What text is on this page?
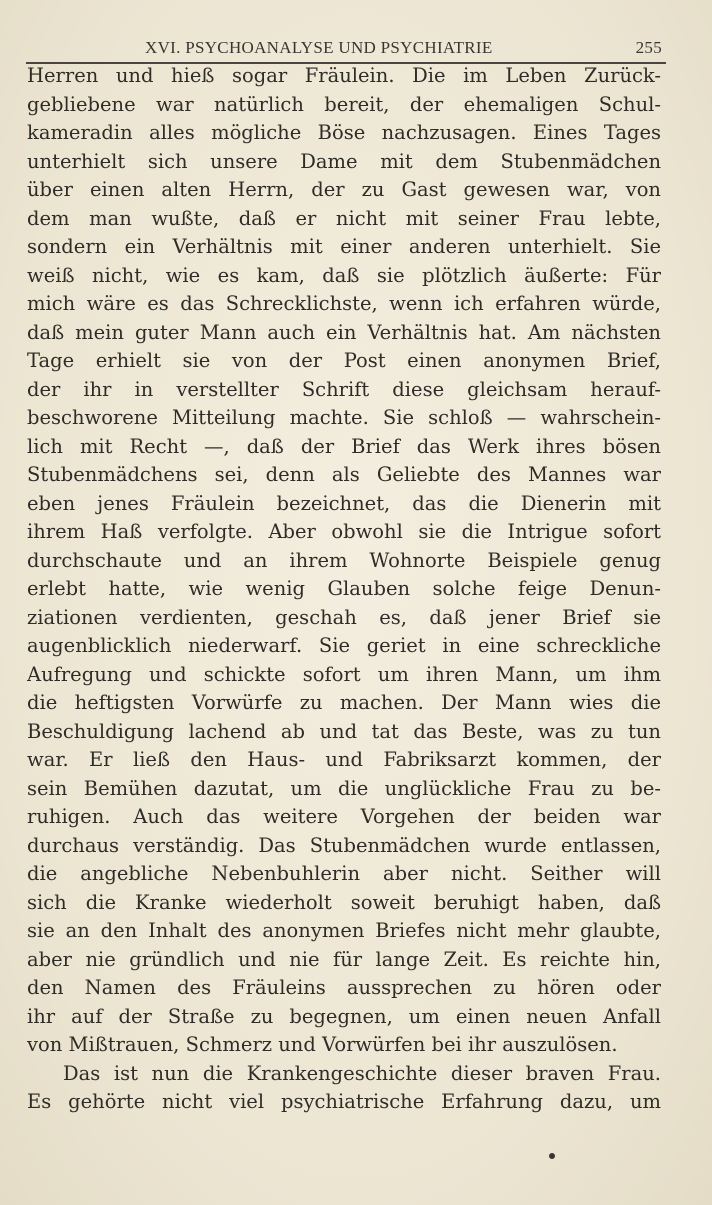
XVI. PSYCHOANALYSE UND PSYCHIATRIE	255
Herren und hieß sogar Fräulein. Die im Leben Zurück-
gebliebene war natürlich bereit, der ehemaligen Schul-
kameradin alles mögliche Böse nachzusagen. Eines Tages
unterhielt sich unsere Dame mit dem Stubenmädchen
über einen alten Herrn, der zu Gast gewesen war, von
dem man wußte, daß er nicht mit seiner Frau lebte,
sondern ein Verhältnis mit einer anderen unterhielt. Sie
weiß nicht, wie es kam, daß sie plötzlich äußerte: Für
mich wäre es das Schrecklichste, wenn ich erfahren würde,
daß mein guter Mann auch ein Verhältnis hat. Am nächsten
Tage erhielt sie von der Post einen anonymen Brief,
der ihr in verstellter Schrift diese gleichsam herauf-
beschworene Mitteilung machte. Sie schloß — wahrschein-
lich mit Recht —, daß der Brief das Werk ihres bösen
Stubenmädchens sei, denn als Geliebte des Mannes war
eben jenes Fräulein bezeichnet, das die Dienerin mit
ihrem Haß verfolgte. Aber obwohl sie die Intrigue sofort
durchschaute und an ihrem Wohnorte Beispiele genug
erlebt hatte, wie wenig Glauben solche feige Denun-
ziationen verdienten, geschah es, daß jener Brief sie
augenblicklich niederwarf. Sie geriet in eine schreckliche
Aufregung und schickte sofort um ihren Mann, um ihm
die heftigsten Vorwürfe zu machen. Der Mann wies die
Beschuldigung lachend ab und tat das Beste, was zu tun
war. Er ließ den Haus- und Fabriksarzt kommen, der
sein Bemühen dazutat, um die unglückliche Frau zu be-
ruhigen. Auch das weitere Vorgehen der beiden war
durchaus verständig. Das Stubenmädchen wurde entlassen,
die angebliche Nebenbuhlerin aber nicht. Seither will
sich die Kranke wiederholt soweit beruhigt haben, daß
sie an den Inhalt des anonymen Briefes nicht mehr glaubte,
aber nie gründlich und nie für lange Zeit. Es reichte hin,
den Namen des Fräuleins aussprechen zu hören oder
ihr auf der Straße zu begegnen, um einen neuen Anfall
von Mißtrauen, Schmerz und Vorwürfen bei ihr auszulösen.
Das ist nun die Krankengeschichte dieser braven Frau.
Es gehörte nicht viel psychiatrische Erfahrung dazu, um
